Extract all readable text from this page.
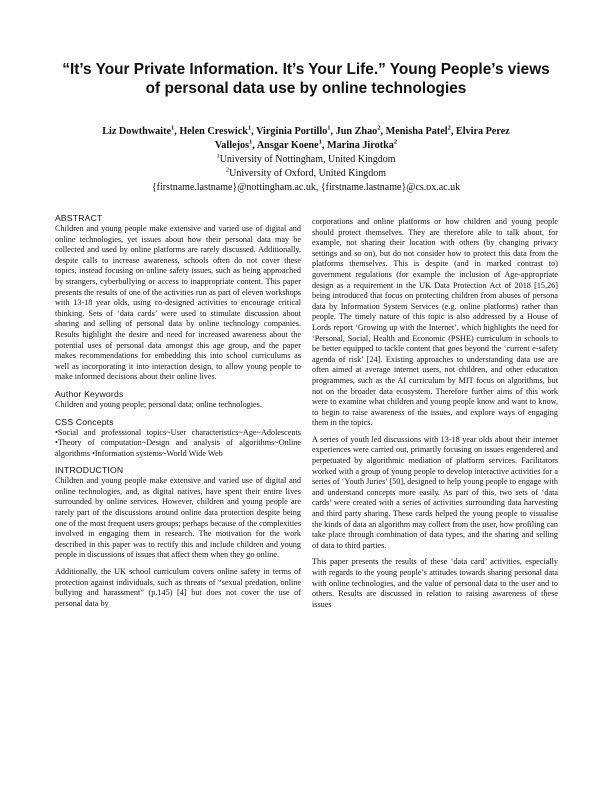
“It’s Your Private Information. It’s Your Life.” Young People’s views of personal data use by online technologies
Liz Dowthwaite$^1$, Helen Creswick$^1$, Virginia Portillo$^1$, Jun Zhao$^2$, Menisha Patel$^2$, Elvira Perez
Vallejos$^1$, Ansgar Koene$^1$, Marina Jirotka$^2$
$^1$University of Nottingham, United Kingdom
$^2$University of Oxford, United Kingdom
{firstname.lastname}@nottingham.ac.uk, {firstname.lastname}@cs.ox.ac.uk
ABSTRACT

Children and young people make extensive and varied use of digital and online technologies, yet issues about how their personal data may be collected and used by online platforms are rarely discussed. Additionally, despite calls to increase awareness, schools often do not cover these topics, instead focusing on online safety issues, such as being approached by strangers, cyberbullying or access to inappropriate content. This paper presents the results of one of the activities run as part of eleven workshops with 13-18 year olds, using co-designed activities to encourage critical thinking. Sets of ‘data cards’ were used to stimulate discussion about sharing and selling of personal data by online technology companies. Results highlight the desire and need for increased awareness about the potential uses of personal data amongst this age group, and the paper makes recommendations for embedding this into school curriculums as well as incorporating it into interaction design, to allow young people to make informed decisions about their online lives.

Author Keywords

Children and young people; personal data; online technologies.

CSS Concepts

•Social and professional topics~User characteristics~Age~Adolescents •Theory of computation~Design and analysis of algorithms~Online algorithms •Information systems~World Wide Web

INTRODUCTION

Children and young people make extensive and varied use of digital and online technologies, and, as digital natives, have spent their entire lives surrounded by online services. However, children and young people are rarely part of the discussions around online data protection despite being one of the most frequent users groups; perhaps because of the complexities involved in engaging them in research. The motivation for the work described in this paper was to rectify this and include children and young people in discussions of issues that affect them when they go online.

Additionally, the UK school curriculum covers online safety in terms of protection against individuals, such as threats of “sexual predation, online bullying and harassment” (p.145) [4] but does not cover the use of personal data by

corporations and online platforms or how children and young people should protect themselves. They are therefore able to talk about, for example, not sharing their location with others (by changing privacy settings and so on), but do not consider how to protect this data from the platforms themselves. This is despite (and in marked contrast to) government regulations (for example the inclusion of Age-appropriate design as a requirement in the UK Data Protection Act of 2018 [15,26] being introduced that focus on protecting children from abuses of persona data by Information System Services (e.g. online platforms) rather than people. The timely nature of this topic is also addressed by a House of Lords report ‘Growing up with the Internet’, which highlights the need for ‘Personal, Social, Health and Economic (PSHE) curriculum in schools to be better equipped to tackle content that goes beyond the ‘current e-safety agenda of risk’ [24]. Existing approaches to understanding data use are often aimed at average internet users, not children, and other education programmes, such as the AI curriculum by MIT focus on algorithms, but not on the broader data ecosystem. Therefore further aims of this work were to examine what children and young people know and want to know, to begin to raise awareness of the issues, and explore ways of engaging them in the topics.

A series of youth led discussions with 13-18 year olds about their internet experiences were carried out, primarily focusing on issues engendered and perpetuated by algorithmic mediation of platform services. Facilitators worked with a group of young people to develop interactive activities for a series of ‘Youth Juries’ [50], designed to help young people to engage with and understand concepts more easily. As part of this, two sets of ‘data cards’ were created with a series of activities surrounding data harvesting and third party sharing. These cards helped the young people to visualise the kinds of data an algorithm may collect from the user, how profiling can take place through combination of data types, and the sharing and selling of data to third parties.

This paper presents the results of these ‘data card’ activities, especially with regards to the young people’s attitudes towards sharing personal data with online technologies, and the value of personal data to the user and to others. Results are discussed in relation to raising awareness of these issues
